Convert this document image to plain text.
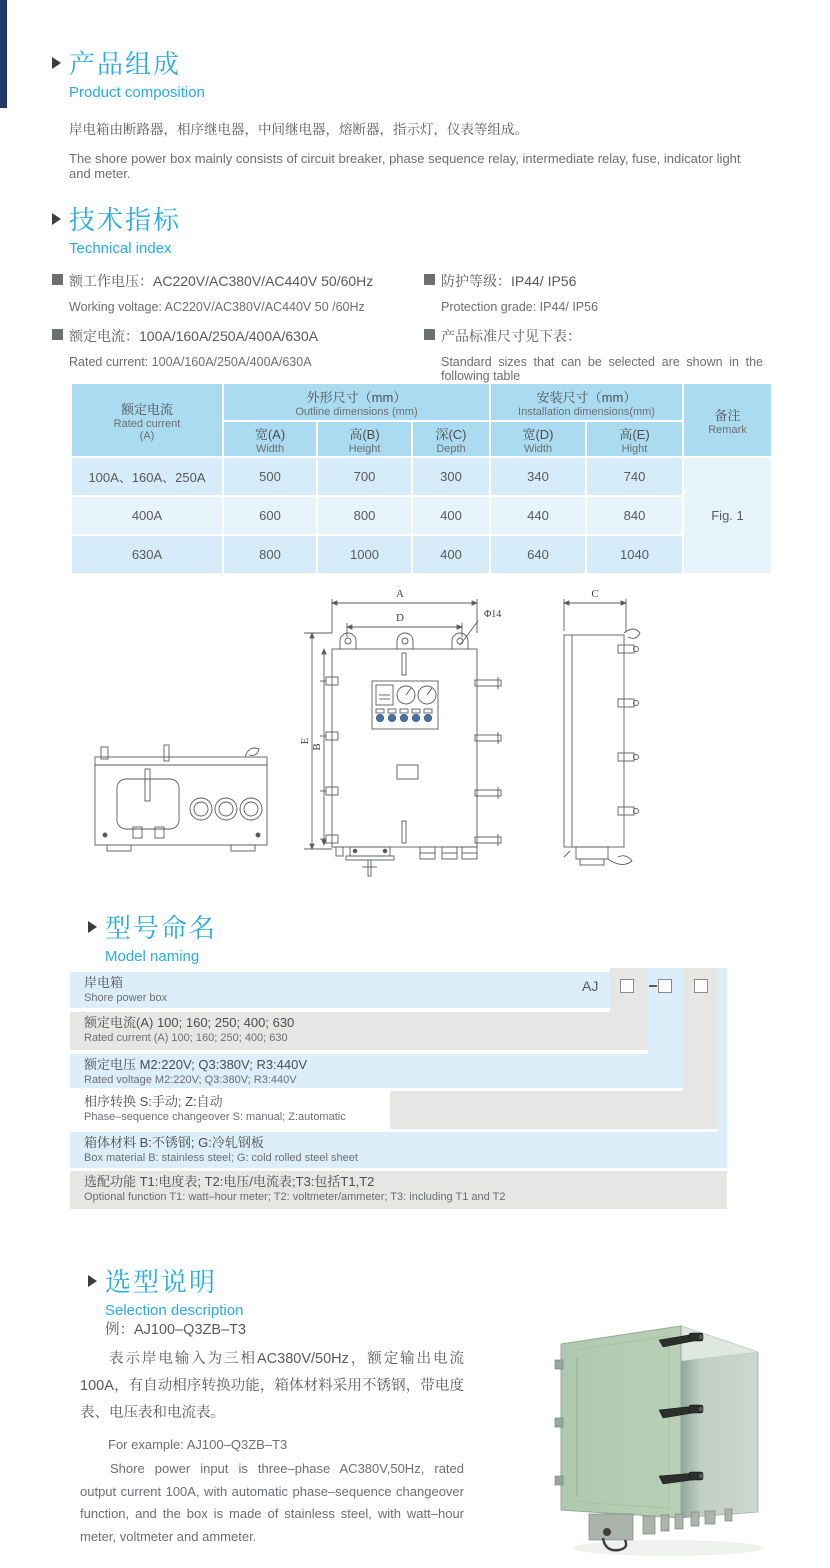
产品组成
Product composition
岸电箱由断路器，相序继电器，中间继电器，熔断器，指示灯，仪表等组成。
The shore power box mainly consists of circuit breaker, phase sequence relay, intermediate relay, fuse, indicator light and meter.
技术指标
Technical index
额工作电压：AC220V/AC380V/AC440V 50/60Hz
Working voltage: AC220V/AC380V/AC440V 50 /60Hz
额定电流：100A/160A/250A/400A/630A
Rated current: 100A/160A/250A/400A/630A
防护等级：IP44/ IP56
Protection grade: IP44/ IP56
产品标准尺寸见下表：
Standard sizes that can be selected are shown in the following table
额定电流
Rated current
(A)

外形尺寸（mm）
Outline dimensions (mm)

安装尺寸（mm）
Installation dimensions(mm)	备注
Remark

宽(A)
Width

高(B)
Height

深(C)
Depth

宽(D)
Width

高(E)
Hight

100A、160A、250A	500	700	300	340	740	Fig. 1
400A	600	800	400	440	840	
630A	800	1000	400	640	1040	
A
D	Φ14
E
B
C
型号命名
Model naming
岸电箱
Shore power box
额定电流(A) 100; 160; 250; 400; 630
Rated current (A) 100; 160; 250; 400; 630
额定电压 M2:220V; Q3:380V; R3:440V
Rated voltage M2:220V; Q3:380V; R3:440V
相序转换 S:手动; Z:自动
Phase–sequence changeover S: manual; Z:automatic
箱体材料 B:不锈钢; G:冷轧钢板
Box material B: stainless steel; G: cold rolled steel sheet
选配功能 T1:电度表; T2:电压/电流表;T3:包括T1,T2
Optional function T1: watt–hour meter; T2: voltmeter/ammeter; T3: including T1 and T2
AJ
选型说明
Selection description
例：AJ100–Q3ZB–T3
表示岸电输入为三相AC380V/50Hz，额定输出电流100A，有自动相序转换功能，箱体材料采用不锈钢，带电度表、电压表和电流表。
For example: AJ100–Q3ZB–T3
Shore power input is three–phase AC380V,50Hz, rated output current 100A, with automatic phase–sequence changeover function, and the box is made of stainless steel, with watt–hour meter, voltmeter and ammeter.
